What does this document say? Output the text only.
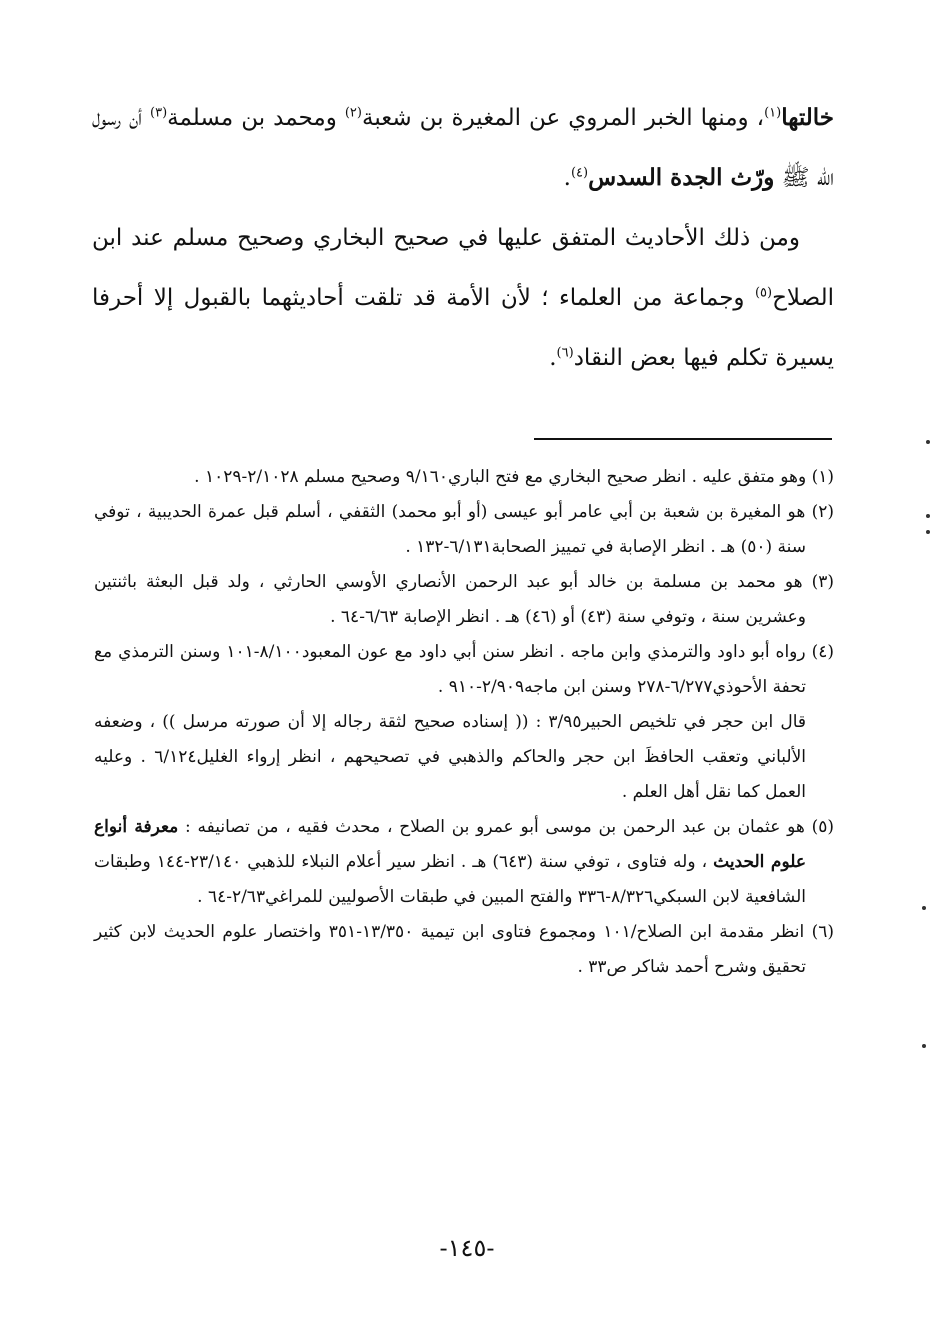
خالتها$^{(١)}$، ومنها الخبر المروي عن المغيرة بن شعبة$^{(٢)}$ ومحمد بن مسلمة$^{(٣)}$ أن رسول الله ﷺ ورّث الجدة السدس$^{(٤)}$.

ومن ذلك الأحاديث المتفق عليها في صحيح البخاري وصحيح مسلم عند ابن الصلاح$^{(٥)}$ وجماعة من العلماء ؛ لأن الأمة قد تلقت أحاديثهما بالقبول إلا أحرفا يسيرة تكلم فيها بعض النقاد$^{(٦)}$.

(١) وهو متفق عليه . انظر صحيح البخاري مع فتح الباري٩/١٦٠ وصحيح مسلم ٢/١٠٢٨-١٠٢٩ .

(٢) هو المغيرة بن شعبة بن أبي عامر أبو عيسى (أو أبو محمد) الثقفي ، أسلم قبل عمرة الحديبية ، توفي سنة (٥٠) هـ . انظر الإصابة في تمييز الصحابة٦/١٣١-١٣٢ .

(٣) هو محمد بن مسلمة بن خالد أبو عبد الرحمن الأنصاري الأوسي الحارثي ، ولد قبل البعثة باثنتين وعشرين سنة ، وتوفي سنة (٤٣) أو (٤٦) هـ . انظر الإصابة ٦/٦٣-٦٤ .

(٤) رواه أبو داود والترمذي وابن ماجه . انظر سنن أبي داود مع عون المعبود٨/١٠٠-١٠١ وسنن الترمذي مع تحفة الأحوذي٦/٢٧٧-٢٧٨ وسنن ابن ماجه٢/٩٠٩-٩١٠ .

قال ابن حجر في تلخيص الحبير٣/٩٥ : (( إسناده صحيح لثقة رجاله إلا أن صورته مرسل )) ، وضعفه الألباني وتعقب الحافظَ ابن حجر والحاكم والذهبي في تصحيحهم ، انظر إرواء الغليل٦/١٢٤ . وعليه العمل كما نقل أهل العلم .

(٥) هو عثمان بن عبد الرحمن بن موسى أبو عمرو بن الصلاح ، محدث فقيه ، من تصانيفه : معرفة أنواع علوم الحديث ، وله فتاوى ، توفي سنة (٦٤٣) هـ . انظر سير أعلام النبلاء للذهبي ٢٣/١٤٠-١٤٤ وطبقات الشافعية لابن السبكي٨/٣٢٦-٣٣٦ والفتح المبين في طبقات الأصوليين للمراغي٢/٦٣-٦٤ .

(٦) انظر مقدمة ابن الصلاح/١٠١ ومجموع فتاوى ابن تيمية ١٣/٣٥٠-٣٥١ واختصار علوم الحديث لابن كثير تحقيق وشرح أحمد شاكر ص٣٣ .

-١٤٥-
